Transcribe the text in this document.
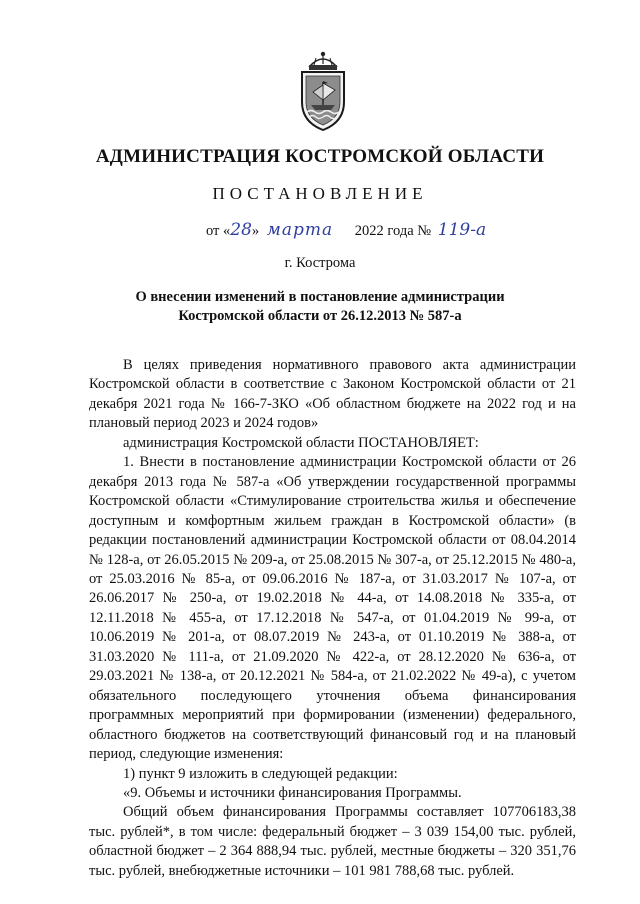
АДМИНИСТРАЦИЯ КОСТРОМСКОЙ ОБЛАСТИ
ПОСТАНОВЛЕНИЕ
от «28» марта 2022 года № 119-а
г. Кострома
О внесении изменений в постановление администрации
Костромской области от 26.12.2013 № 587-а

В целях приведения нормативного правового акта администрации Костромской области в соответствие с Законом Костромской области от 21 декабря 2021 года № 166-7-ЗКО «Об областном бюджете на 2022 год и на плановый период 2023 и 2024 годов»

администрация Костромской области ПОСТАНОВЛЯЕТ:

1. Внести в постановление администрации Костромской области от 26 декабря 2013 года № 587-а «Об утверждении государственной программы Костромской области «Стимулирование строительства жилья и обеспечение доступным и комфортным жильем граждан в Костромской области» (в редакции постановлений администрации Костромской области от 08.04.2014 № 128-а, от 26.05.2015 № 209-а, от 25.08.2015 № 307-а, от 25.12.2015 № 480-а, от 25.03.2016 № 85-а, от 09.06.2016 № 187-а, от 31.03.2017 № 107-а, от 26.06.2017 № 250-а, от 19.02.2018 № 44-а, от 14.08.2018 № 335-а, от 12.11.2018 № 455-а, от 17.12.2018 № 547-а, от 01.04.2019 № 99-а, от 10.06.2019 № 201-а, от 08.07.2019 № 243-а, от 01.10.2019 № 388-а, от 31.03.2020 № 111-а, от 21.09.2020 № 422-а, от 28.12.2020 № 636-а, от 29.03.2021 № 138-а, от 20.12.2021 № 584-а, от 21.02.2022 № 49-а), с учетом обязательного последующего уточнения объема финансирования программных мероприятий при формировании (изменении) федерального, областного бюджетов на соответствующий финансовый год и на плановый период, следующие изменения:

1) пункт 9 изложить в следующей редакции:

«9. Объемы и источники финансирования Программы.

Общий объем финансирования Программы составляет 107706183,38 тыс. рублей*, в том числе: федеральный бюджет – 3 039 154,00 тыс. рублей, областной бюджет – 2 364 888,94 тыс. рублей, местные бюджеты – 320 351,76 тыс. рублей, внебюджетные источники – 101 981 788,68 тыс. рублей.
